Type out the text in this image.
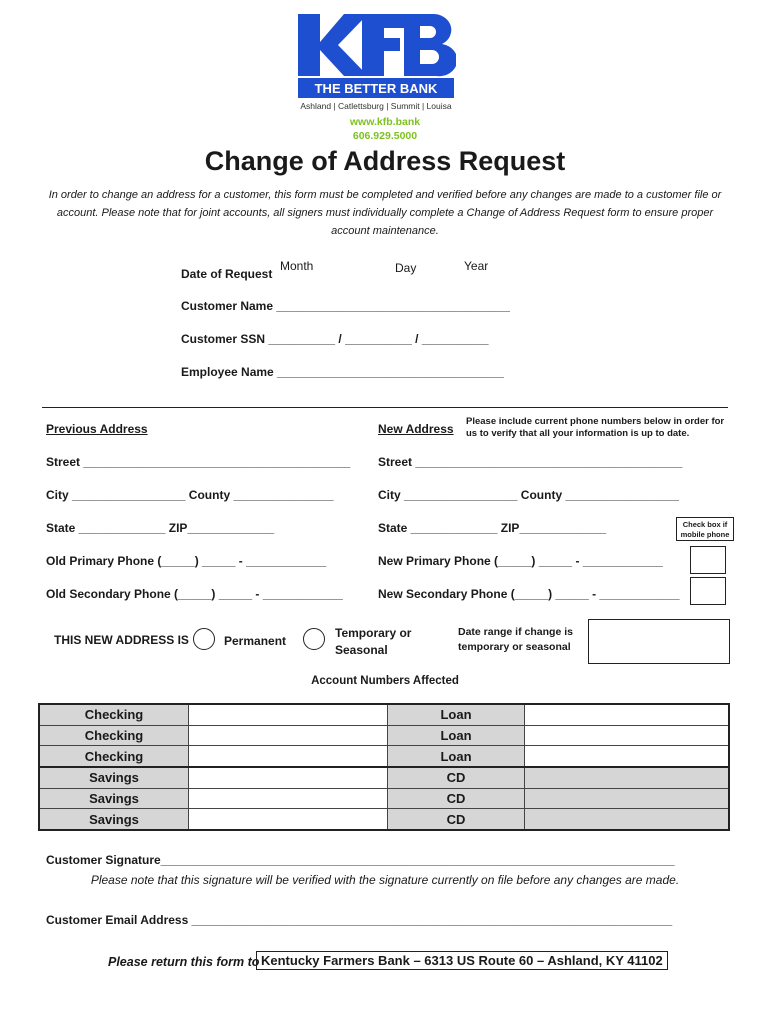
THE BETTER BANK
Ashland | Catlettsburg | Summit | Louisa
www.kfb.bank
606.929.5000
Change of Address Request
In order to change an address for a customer, this form must be completed and verified before any changes are made to a customer file or account. Please note that for joint accounts, all signers must individually complete a Change of Address Request form to ensure proper account maintenance.
Date of Request
Month	Day	Year
Customer Name ___________________________________
Customer SSN __________ / __________ / __________
Employee Name __________________________________
Previous Address
Street ________________________________________
City _________________ County _______________
State _____________ ZIP_____________
Old Primary Phone (_____) _____ - ____________
Old Secondary Phone (_____) _____ - ____________
New Address
Please include current phone numbers below in order for us to verify that all your information is up to date.
Street ________________________________________
City _________________ County _________________
State _____________ ZIP_____________
New Primary Phone (_____) _____ - ____________
New Secondary Phone (_____) _____ - ____________
Check box if mobile phone
THIS NEW ADDRESS IS	Permanent
Temporary or Seasonal
Date range if change is temporary or seasonal
Account Numbers Affected
Checking		Loan	
Checking		Loan	
Checking		Loan	
Savings		CD	
Savings		CD	
Savings		CD	
Customer Signature_____________________________________________________________________________
Please note that this signature will be verified with the signature currently on file before any changes are made.
Customer Email Address ________________________________________________________________________
Please return this form to Kentucky Farmers Bank – 6313 US Route 60 – Ashland, KY 41102
